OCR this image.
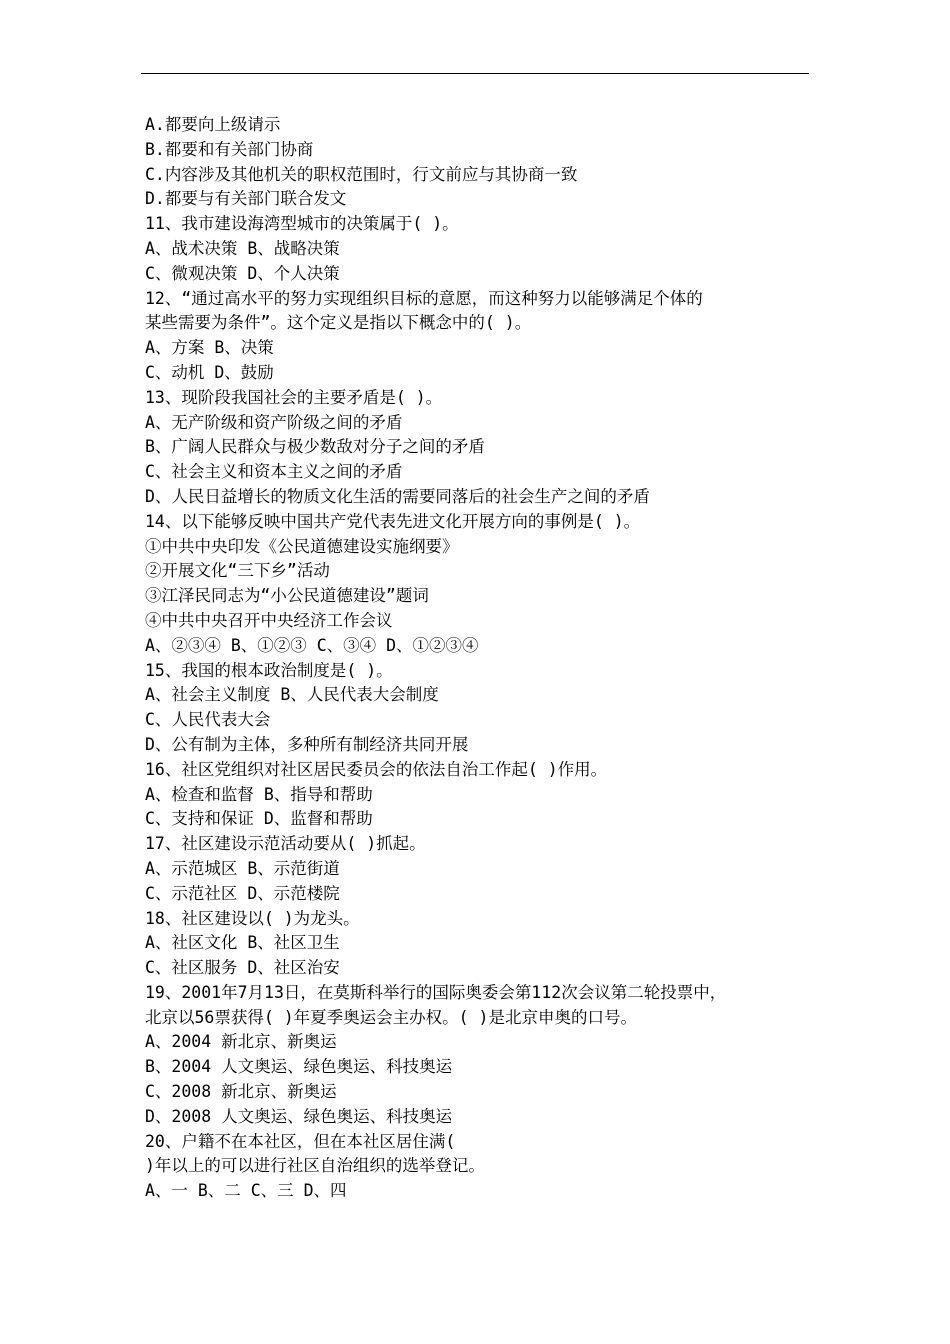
A.都要向上级请示
B.都要和有关部门协商
C.内容涉及其他机关的职权范围时，行文前应与其协商一致
D.都要与有关部门联合发文
11、我市建设海湾型城市的决策属于( )。
A、战术决策 B、战略决策
C、微观决策 D、个人决策
12、“通过高水平的努力实现组织目标的意愿，而这种努力以能够满足个体的
某些需要为条件”。这个定义是指以下概念中的( )。
A、方案 B、决策
C、动机 D、鼓励
13、现阶段我国社会的主要矛盾是( )。
A、无产阶级和资产阶级之间的矛盾
B、广阔人民群众与极少数敌对分子之间的矛盾
C、社会主义和资本主义之间的矛盾
D、人民日益增长的物质文化生活的需要同落后的社会生产之间的矛盾
14、以下能够反映中国共产党代表先进文化开展方向的事例是( )。
①中共中央印发《公民道德建设实施纲要》
②开展文化“三下乡”活动
③江泽民同志为“小公民道德建设”题词
④中共中央召开中央经济工作会议
A、②③④ B、①②③ C、③④ D、①②③④
15、我国的根本政治制度是( )。
A、社会主义制度 B、人民代表大会制度
C、人民代表大会
D、公有制为主体，多种所有制经济共同开展
16、社区党组织对社区居民委员会的依法自治工作起( )作用。
A、检查和监督 B、指导和帮助
C、支持和保证 D、监督和帮助
17、社区建设示范活动要从( )抓起。
A、示范城区 B、示范街道
C、示范社区 D、示范楼院
18、社区建设以( )为龙头。
A、社区文化 B、社区卫生
C、社区服务 D、社区治安
19、2001年7月13日，在莫斯科举行的国际奥委会第112次会议第二轮投票中，
北京以56票获得( )年夏季奥运会主办权。( )是北京申奥的口号。
A、2004 新北京、新奥运
B、2004 人文奥运、绿色奥运、科技奥运
C、2008 新北京、新奥运
D、2008 人文奥运、绿色奥运、科技奥运
20、户籍不在本社区，但在本社区居住满(
)年以上的可以进行社区自治组织的选举登记。
A、一 B、二 C、三 D、四
